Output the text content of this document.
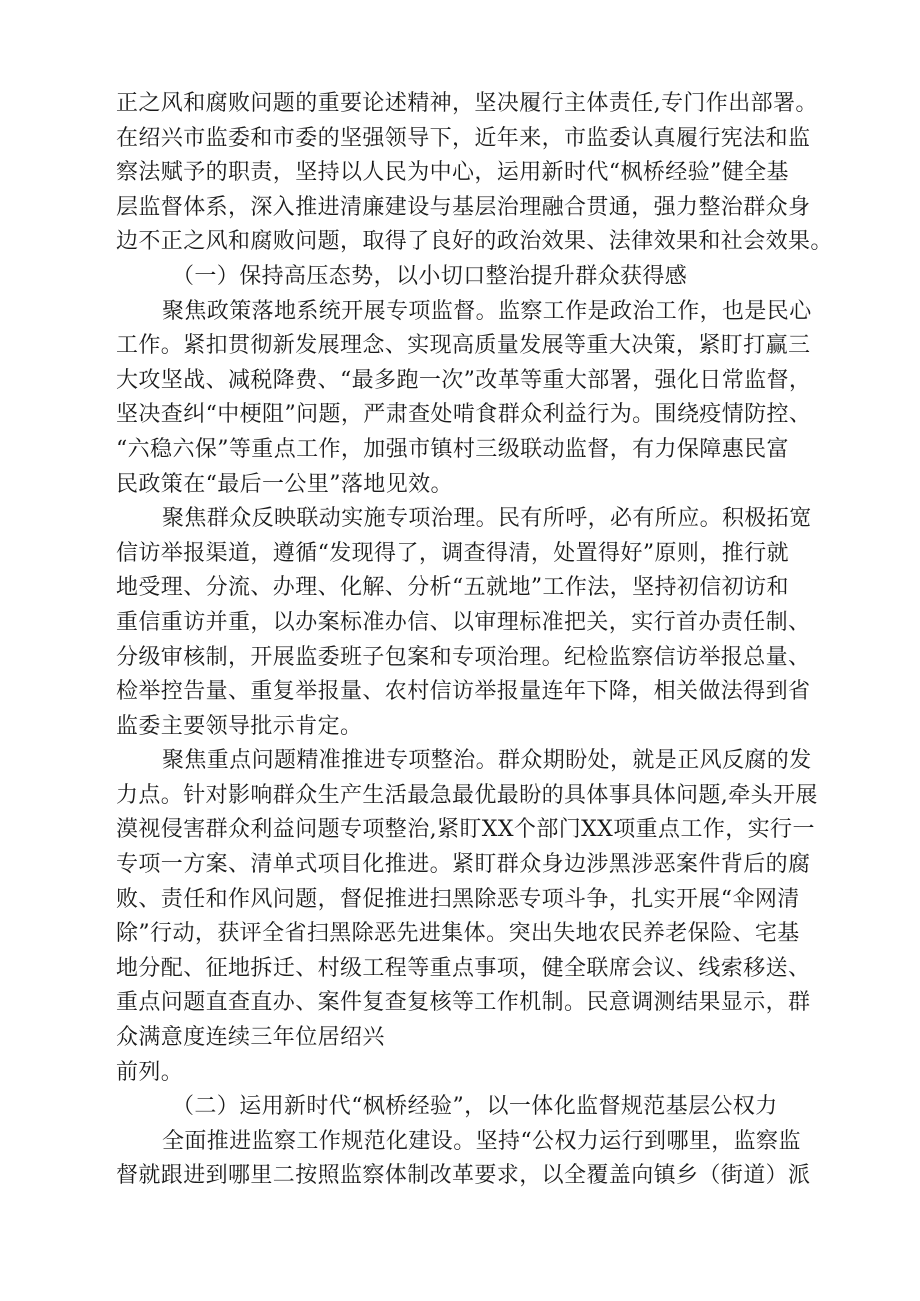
正之风和腐败问题的重要论述精神，坚决履行主体责任,专门作出部署。
在绍兴市监委和市委的坚强领导下，近年来，市监委认真履行宪法和监
察法赋予的职责，坚持以人民为中心，运用新时代“枫桥经验”健全基
层监督体系，深入推进清廉建设与基层治理融合贯通，强力整治群众身
边不正之风和腐败问题，取得了良好的政治效果、法律效果和社会效果。
（一）保持高压态势，以小切口整治提升群众获得感
聚焦政策落地系统开展专项监督。监察工作是政治工作，也是民心
工作。紧扣贯彻新发展理念、实现高质量发展等重大决策，紧盯打赢三
大攻坚战、减税降费、“最多跑一次”改革等重大部署，强化日常监督，
坚决查纠“中梗阻”问题，严肃查处啃食群众利益行为。围绕疫情防控、
“六稳六保”等重点工作，加强市镇村三级联动监督，有力保障惠民富
民政策在“最后一公里”落地见效。
聚焦群众反映联动实施专项治理。民有所呼，必有所应。积极拓宽
信访举报渠道，遵循“发现得了，调查得清，处置得好”原则，推行就
地受理、分流、办理、化解、分析“五就地”工作法，坚持初信初访和
重信重访并重，以办案标准办信、以审理标准把关，实行首办责任制、
分级审核制，开展监委班子包案和专项治理。纪检监察信访举报总量、
检举控告量、重复举报量、农村信访举报量连年下降，相关做法得到省
监委主要领导批示肯定。
聚焦重点问题精准推进专项整治。群众期盼处，就是正风反腐的发
力点。针对影响群众生产生活最急最优最盼的具体事具体问题,牵头开展
漠视侵害群众利益问题专项整治,紧盯XX个部门XX项重点工作，实行一
专项一方案、清单式项目化推进。紧盯群众身边涉黑涉恶案件背后的腐
败、责任和作风问题，督促推进扫黑除恶专项斗争，扎实开展“伞网清
除”行动，获评全省扫黑除恶先进集体。突出失地农民养老保险、宅基
地分配、征地拆迁、村级工程等重点事项，健全联席会议、线索移送、
重点问题直查直办、案件复查复核等工作机制。民意调测结果显示，群
众满意度连续三年位居绍兴
前列。
（二）运用新时代“枫桥经验”，以一体化监督规范基层公权力
全面推进监察工作规范化建设。坚持“公权力运行到哪里，监察监
督就跟进到哪里二按照监察体制改革要求，以全覆盖向镇乡（街道）派
